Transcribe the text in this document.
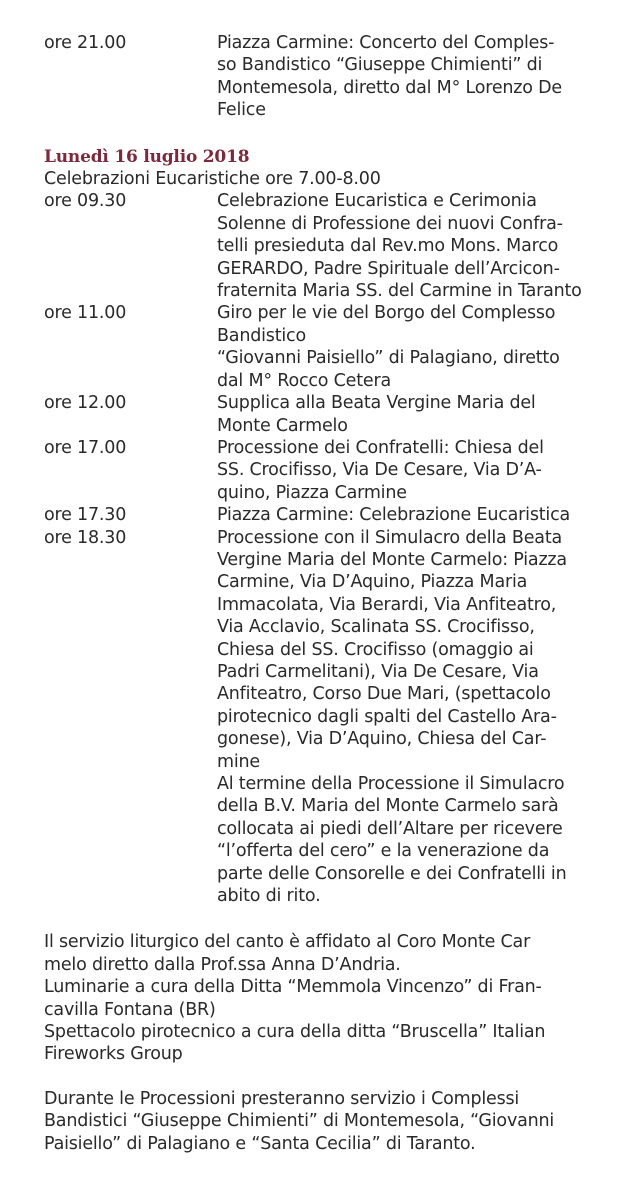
ore 21.00	Piazza Carmine: Concerto del Comples-
so Bandistico “Giuseppe Chimienti” di
Montemesola, diretto dal M° Lorenzo De
Felice
Lunedì 16 luglio 2018
Celebrazioni Eucaristiche ore 7.00-8.00
ore 09.30	Celebrazione Eucaristica e Cerimonia
Solenne di Professione dei nuovi Confra-
telli presieduta dal Rev.mo Mons. Marco
GERARDO, Padre Spirituale dell’Arcicon-
fraternita Maria SS. del Carmine in Taranto
ore 11.00	Giro per le vie del Borgo del Complesso
Bandistico
“Giovanni Paisiello” di Palagiano, diretto
dal M° Rocco Cetera
ore 12.00	Supplica alla Beata Vergine Maria del
Monte Carmelo
ore 17.00	Processione dei Confratelli: Chiesa del
SS. Crocifisso, Via De Cesare, Via D’A-
quino, Piazza Carmine
ore 17.30	Piazza Carmine: Celebrazione Eucaristica
ore 18.30	Processione con il Simulacro della Beata
Vergine Maria del Monte Carmelo: Piazza
Carmine, Via D’Aquino, Piazza Maria
Immacolata, Via Berardi, Via Anfiteatro,
Via Acclavio, Scalinata SS. Crocifisso,
Chiesa del SS. Crocifisso (omaggio ai
Padri Carmelitani), Via De Cesare, Via
Anfiteatro, Corso Due Mari, (spettacolo
pirotecnico dagli spalti del Castello Ara-
gonese), Via D’Aquino, Chiesa del Car-
mine
Al termine della Processione il Simulacro
della B.V. Maria del Monte Carmelo sarà
collocata ai piedi dell’Altare per ricevere
“l’offerta del cero” e la venerazione da
parte delle Consorelle e dei Confratelli in
abito di rito.
Il servizio liturgico del canto è affidato al Coro Monte Car
melo diretto dalla Prof.ssa Anna D’Andria.
Luminarie a cura della Ditta “Memmola Vincenzo” di Fran-
cavilla Fontana (BR)
Spettacolo pirotecnico a cura della ditta “Bruscella” Italian
Fireworks Group
Durante le Processioni presteranno servizio i Complessi
Bandistici “Giuseppe Chimienti” di Montemesola, “Giovanni
Paisiello” di Palagiano e “Santa Cecilia” di Taranto.
